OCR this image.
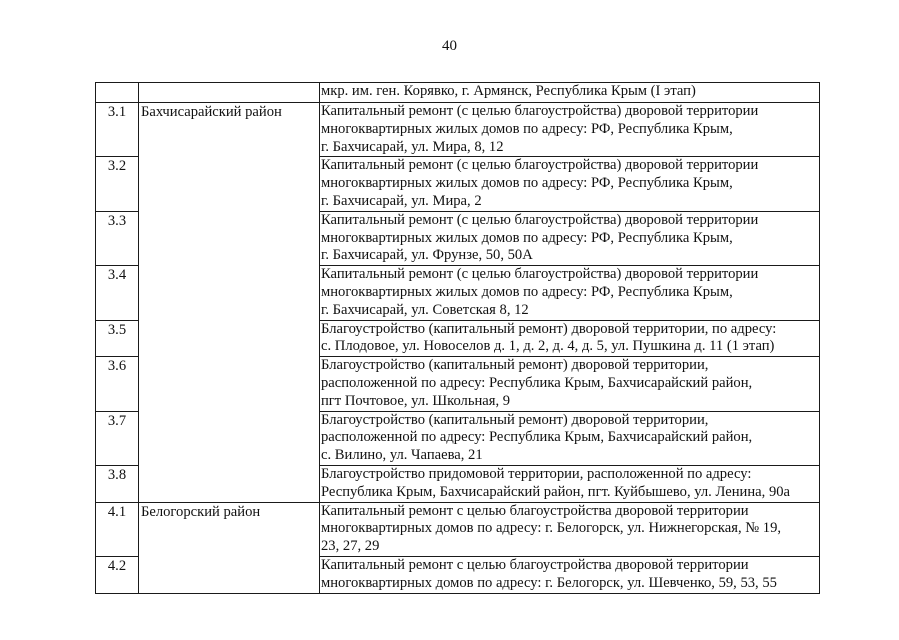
40

		мкр. им. ген. Корявко, г. Армянск, Республика Крым (I этап)

3.1	Бахчисарайский район	Капитальный ремонт (с целью благоустройства) дворовой территории
многоквартирных жилых домов по адресу: РФ, Республика Крым,
г. Бахчисарай, ул. Мира, 8, 12

3.2		Капитальный ремонт (с целью благоустройства) дворовой территории
многоквартирных жилых домов по адресу: РФ, Республика Крым,
г. Бахчисарай, ул. Мира, 2

3.3		Капитальный ремонт (с целью благоустройства) дворовой территории
многоквартирных жилых домов по адресу: РФ, Республика Крым,
г. Бахчисарай, ул. Фрунзе, 50, 50А

3.4		Капитальный ремонт (с целью благоустройства) дворовой территории
многоквартирных жилых домов по адресу: РФ, Республика Крым,
г. Бахчисарай, ул. Советская 8, 12

3.5		Благоустройство (капитальный ремонт) дворовой территории, по адресу:
с. Плодовое, ул. Новоселов д. 1, д. 2, д. 4, д. 5, ул. Пушкина д. 11 (1 этап)

3.6		Благоустройство (капитальный ремонт) дворовой территории,
расположенной по адресу: Республика Крым, Бахчисарайский район,
пгт Почтовое, ул. Школьная, 9

3.7		Благоустройство (капитальный ремонт) дворовой территории,
расположенной по адресу: Республика Крым, Бахчисарайский район,
с. Вилино, ул. Чапаева, 21

3.8		Благоустройство придомовой территории, расположенной по адресу:
Республика Крым, Бахчисарайский район, пгт. Куйбышево, ул. Ленина, 90а

4.1	Белогорский район	Капитальный ремонт с целью благоустройства дворовой территории
многоквартирных домов по адресу: г. Белогорск, ул. Нижнегорская, № 19,
23, 27, 29

4.2		Капитальный ремонт с целью благоустройства дворовой территории
многоквартирных домов по адресу: г. Белогорск, ул. Шевченко, 59, 53, 55
